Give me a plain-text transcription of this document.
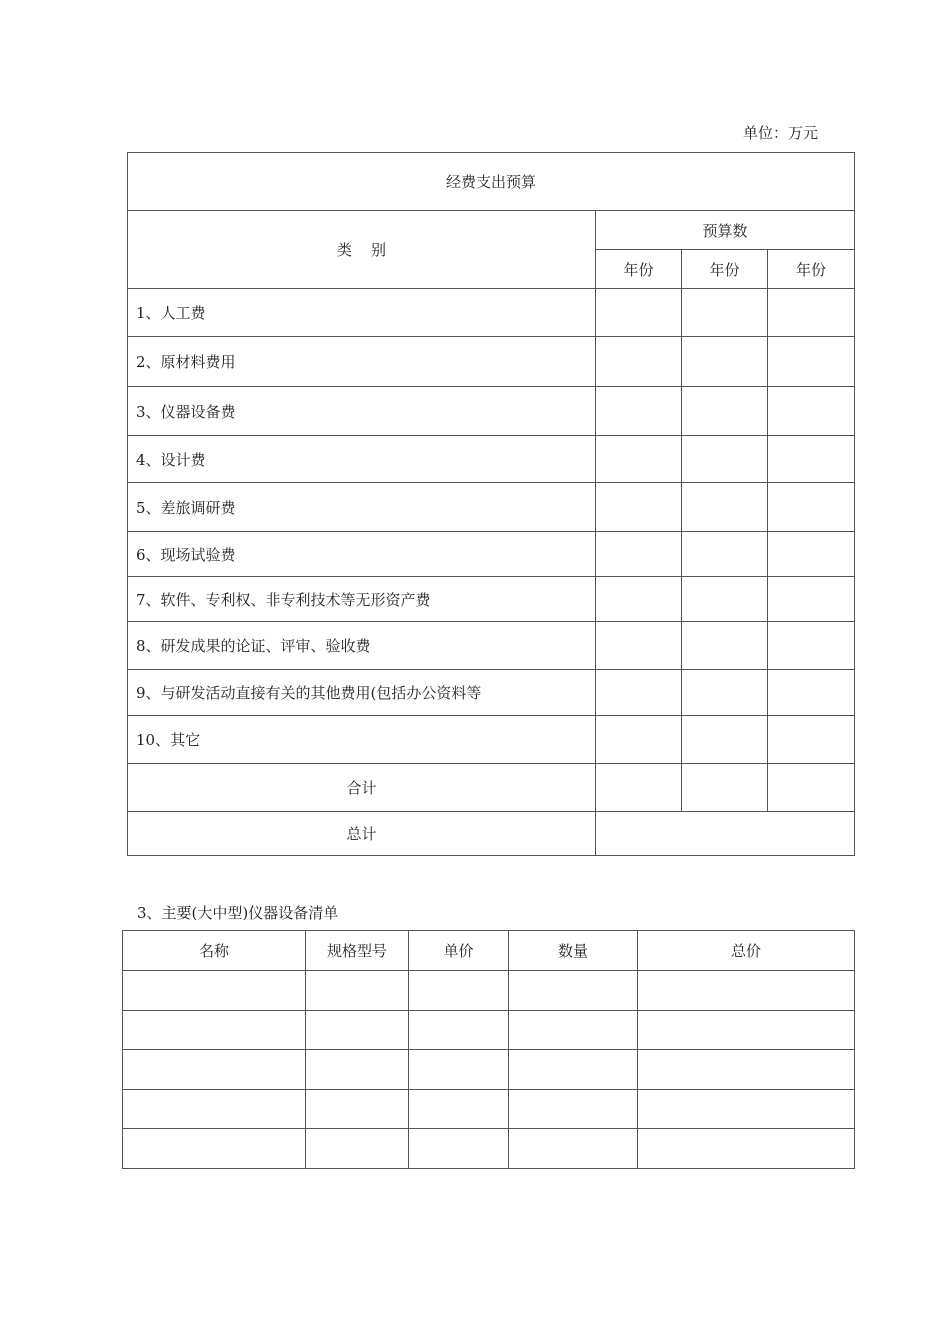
单位：万元
经费支出预算			
类    别	预算数		
	年份	年份	年份
1、人工费			
2、原材料费用			
3、仪器设备费			
4、设计费			
5、差旅调研费			
6、现场试验费			
7、软件、专利权、非专利技术等无形资产费			
8、研发成果的论证、评审、验收费			
9、与研发活动直接有关的其他费用(包括办公资料等			
10、其它			
合计			
总计			
3、主要(大中型)仪器设备清单
名称	规格型号	单价	数量	总价
